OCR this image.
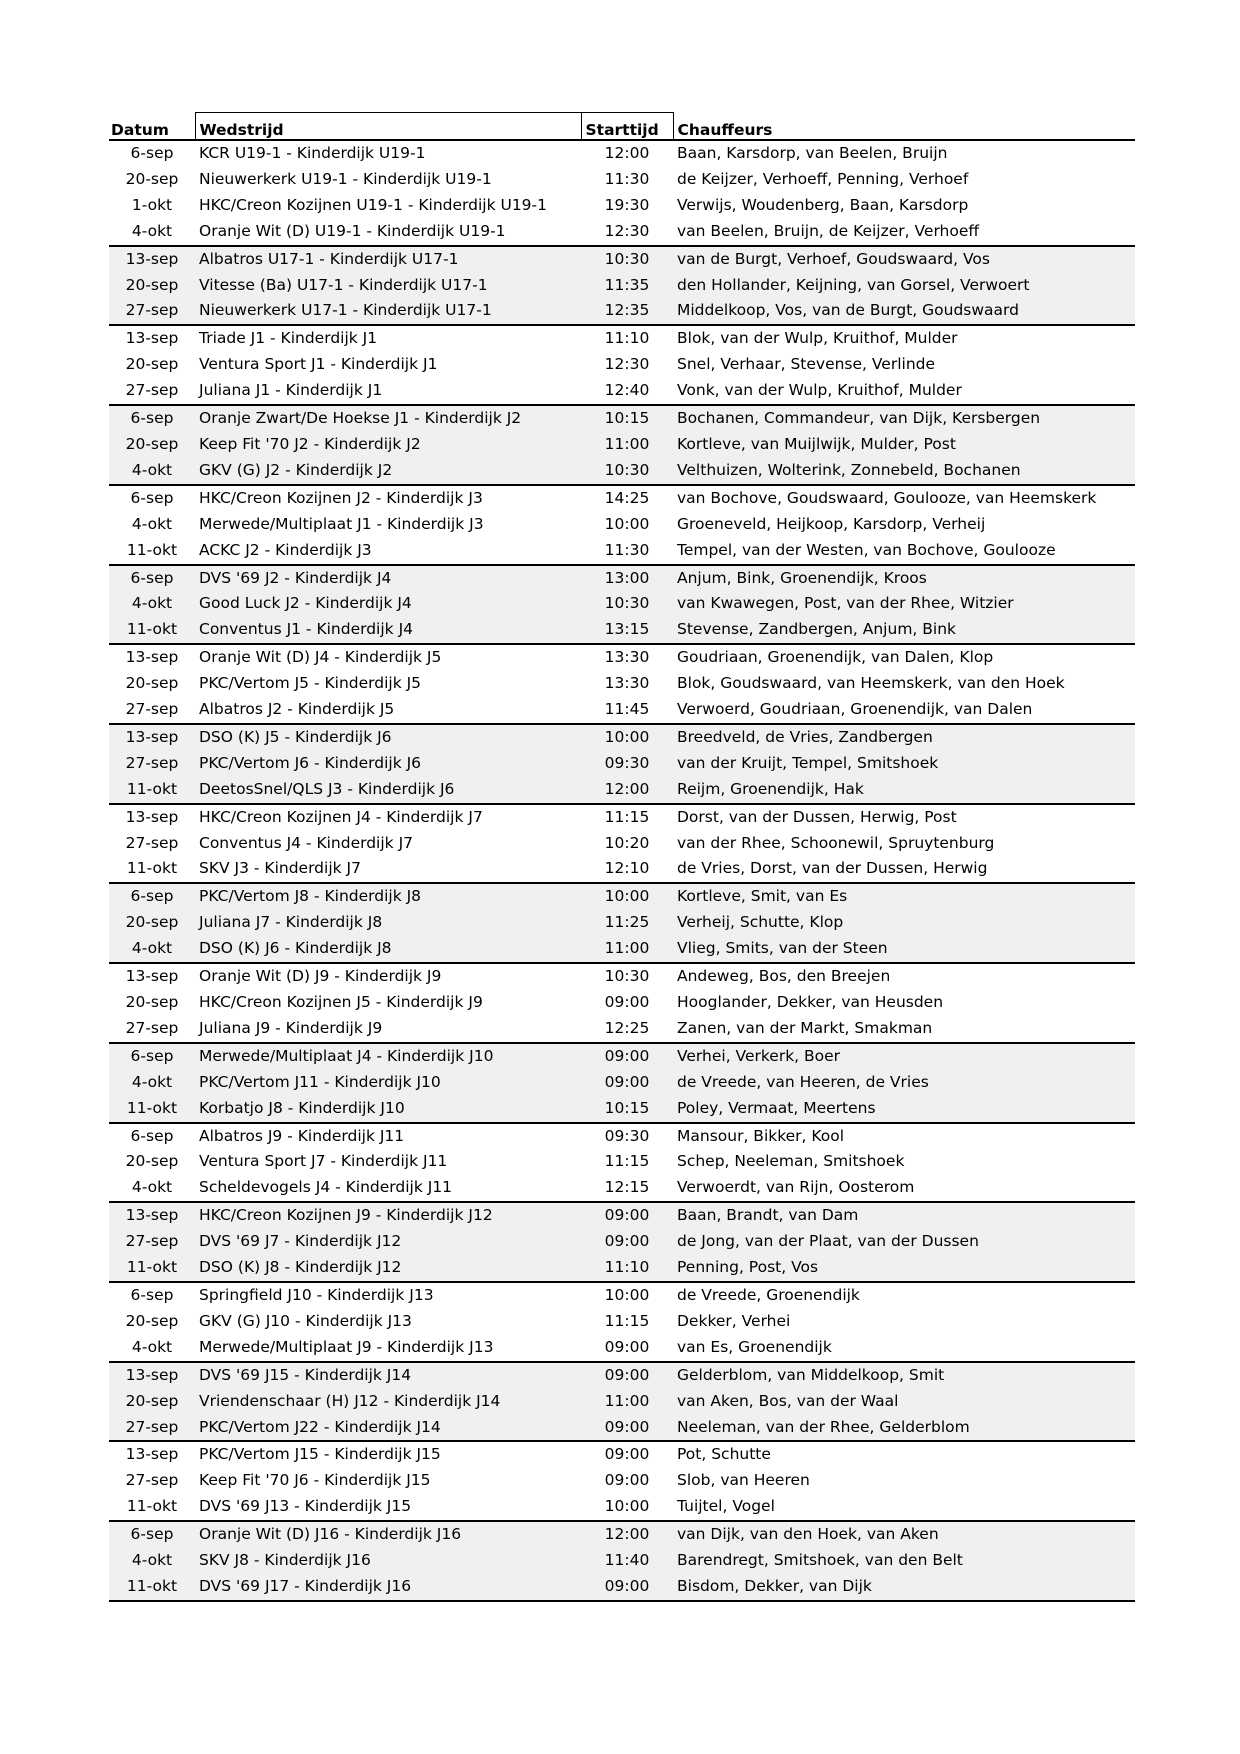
Datum	Wedstrijd	Starttijd	Chauffeurs
6-sep	KCR U19-1 - Kinderdijk U19-1	12:00	Baan, Karsdorp, van Beelen, Bruijn
20-sep	Nieuwerkerk U19-1 - Kinderdijk U19-1	11:30	de Keijzer, Verhoeff, Penning, Verhoef
1-okt	HKC/Creon Kozijnen U19-1 - Kinderdijk U19-1	19:30	Verwijs, Woudenberg, Baan, Karsdorp
4-okt	Oranje Wit (D) U19-1 - Kinderdijk U19-1	12:30	van Beelen, Bruijn, de Keijzer, Verhoeff
13-sep	Albatros U17-1 - Kinderdijk U17-1	10:30	van de Burgt, Verhoef, Goudswaard, Vos
20-sep	Vitesse (Ba) U17-1 - Kinderdijk U17-1	11:35	den Hollander, Keijning, van Gorsel, Verwoert
27-sep	Nieuwerkerk U17-1 - Kinderdijk U17-1	12:35	Middelkoop, Vos, van de Burgt, Goudswaard
13-sep	Triade J1 - Kinderdijk J1	11:10	Blok, van der Wulp, Kruithof, Mulder
20-sep	Ventura Sport J1 - Kinderdijk J1	12:30	Snel, Verhaar, Stevense, Verlinde
27-sep	Juliana J1 - Kinderdijk J1	12:40	Vonk, van der Wulp, Kruithof, Mulder
6-sep	Oranje Zwart/De Hoekse J1 - Kinderdijk J2	10:15	Bochanen, Commandeur, van Dijk, Kersbergen
20-sep	Keep Fit '70 J2 - Kinderdijk J2	11:00	Kortleve, van Muijlwijk, Mulder, Post
4-okt	GKV (G) J2 - Kinderdijk J2	10:30	Velthuizen, Wolterink, Zonnebeld, Bochanen
6-sep	HKC/Creon Kozijnen J2 - Kinderdijk J3	14:25	van Bochove, Goudswaard, Goulooze, van Heemskerk
4-okt	Merwede/Multiplaat J1 - Kinderdijk J3	10:00	Groeneveld, Heijkoop, Karsdorp, Verheij
11-okt	ACKC J2 - Kinderdijk J3	11:30	Tempel, van der Westen, van Bochove, Goulooze
6-sep	DVS '69 J2 - Kinderdijk J4	13:00	Anjum, Bink, Groenendijk, Kroos
4-okt	Good Luck J2 - Kinderdijk J4	10:30	van Kwawegen, Post, van der Rhee, Witzier
11-okt	Conventus J1 - Kinderdijk J4	13:15	Stevense, Zandbergen, Anjum, Bink
13-sep	Oranje Wit (D) J4 - Kinderdijk J5	13:30	Goudriaan, Groenendijk, van Dalen, Klop
20-sep	PKC/Vertom J5 - Kinderdijk J5	13:30	Blok, Goudswaard, van Heemskerk, van den Hoek
27-sep	Albatros J2 - Kinderdijk J5	11:45	Verwoerd, Goudriaan, Groenendijk, van Dalen
13-sep	DSO (K) J5 - Kinderdijk J6	10:00	Breedveld, de Vries, Zandbergen
27-sep	PKC/Vertom J6 - Kinderdijk J6	09:30	van der Kruijt, Tempel, Smitshoek
11-okt	DeetosSnel/QLS J3 - Kinderdijk J6	12:00	Reijm, Groenendijk, Hak
13-sep	HKC/Creon Kozijnen J4 - Kinderdijk J7	11:15	Dorst, van der Dussen, Herwig, Post
27-sep	Conventus J4 - Kinderdijk J7	10:20	van der Rhee, Schoonewil, Spruytenburg
11-okt	SKV J3 - Kinderdijk J7	12:10	de Vries, Dorst, van der Dussen, Herwig
6-sep	PKC/Vertom J8 - Kinderdijk J8	10:00	Kortleve, Smit, van Es
20-sep	Juliana J7 - Kinderdijk J8	11:25	Verheij, Schutte, Klop
4-okt	DSO (K) J6 - Kinderdijk J8	11:00	Vlieg, Smits, van der Steen
13-sep	Oranje Wit (D) J9 - Kinderdijk J9	10:30	Andeweg, Bos, den Breejen
20-sep	HKC/Creon Kozijnen J5 - Kinderdijk J9	09:00	Hooglander, Dekker, van Heusden
27-sep	Juliana J9 - Kinderdijk J9	12:25	Zanen, van der Markt, Smakman
6-sep	Merwede/Multiplaat J4 - Kinderdijk J10	09:00	Verhei, Verkerk, Boer
4-okt	PKC/Vertom J11 - Kinderdijk J10	09:00	de Vreede, van Heeren, de Vries
11-okt	Korbatjo J8 - Kinderdijk J10	10:15	Poley, Vermaat, Meertens
6-sep	Albatros J9 - Kinderdijk J11	09:30	Mansour, Bikker, Kool
20-sep	Ventura Sport J7 - Kinderdijk J11	11:15	Schep, Neeleman, Smitshoek
4-okt	Scheldevogels J4 - Kinderdijk J11	12:15	Verwoerdt, van Rijn, Oosterom
13-sep	HKC/Creon Kozijnen J9 - Kinderdijk J12	09:00	Baan, Brandt, van Dam
27-sep	DVS '69 J7 - Kinderdijk J12	09:00	de Jong, van der Plaat, van der Dussen
11-okt	DSO (K) J8 - Kinderdijk J12	11:10	Penning, Post, Vos
6-sep	Springfield J10 - Kinderdijk J13	10:00	de Vreede, Groenendijk
20-sep	GKV (G) J10 - Kinderdijk J13	11:15	Dekker, Verhei
4-okt	Merwede/Multiplaat J9 - Kinderdijk J13	09:00	van Es, Groenendijk
13-sep	DVS '69 J15 - Kinderdijk J14	09:00	Gelderblom, van Middelkoop, Smit
20-sep	Vriendenschaar (H) J12 - Kinderdijk J14	11:00	van Aken, Bos, van der Waal
27-sep	PKC/Vertom J22 - Kinderdijk J14	09:00	Neeleman, van der Rhee, Gelderblom
13-sep	PKC/Vertom J15 - Kinderdijk J15	09:00	Pot, Schutte
27-sep	Keep Fit '70 J6 - Kinderdijk J15	09:00	Slob, van Heeren
11-okt	DVS '69 J13 - Kinderdijk J15	10:00	Tuijtel, Vogel
6-sep	Oranje Wit (D) J16 - Kinderdijk J16	12:00	van Dijk, van den Hoek, van Aken
4-okt	SKV J8 - Kinderdijk J16	11:40	Barendregt, Smitshoek, van den Belt
11-okt	DVS '69 J17 - Kinderdijk J16	09:00	Bisdom, Dekker, van Dijk
